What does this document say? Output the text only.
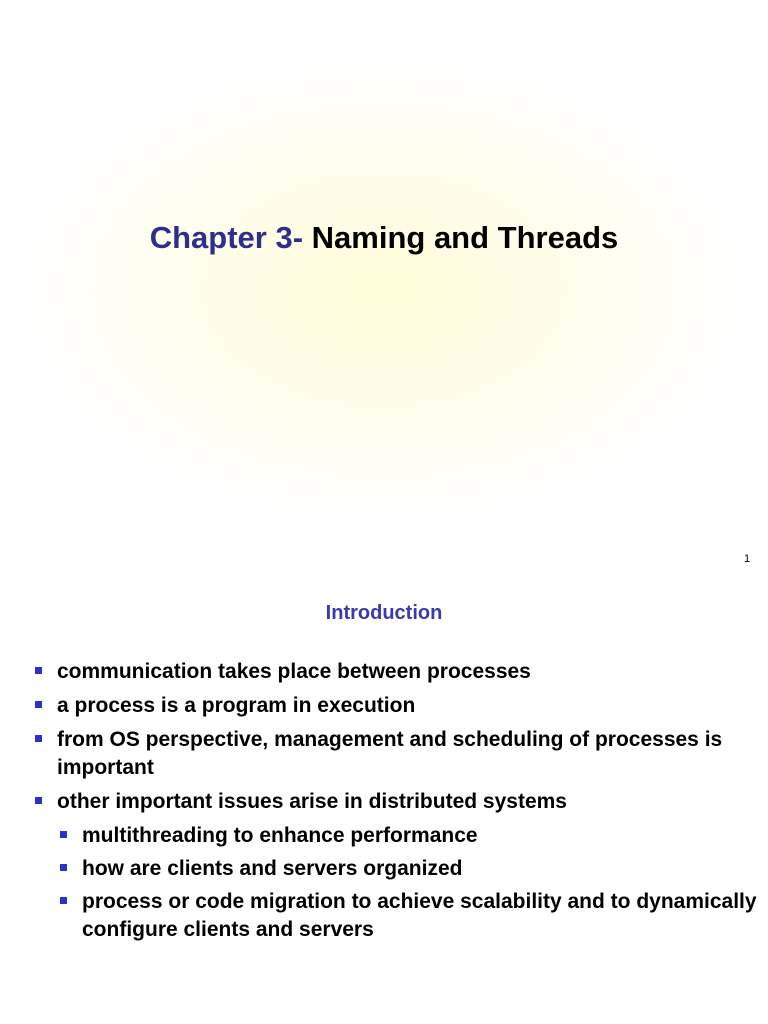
Chapter 3- Naming and Threads
1
Introduction
communication takes place between processes
a process is a program in execution
from OS perspective, management and scheduling of processes is important
other important issues arise in distributed systems
multithreading to enhance performance
how are clients and servers organized
process or code migration to achieve scalability and to dynamically configure clients and servers
